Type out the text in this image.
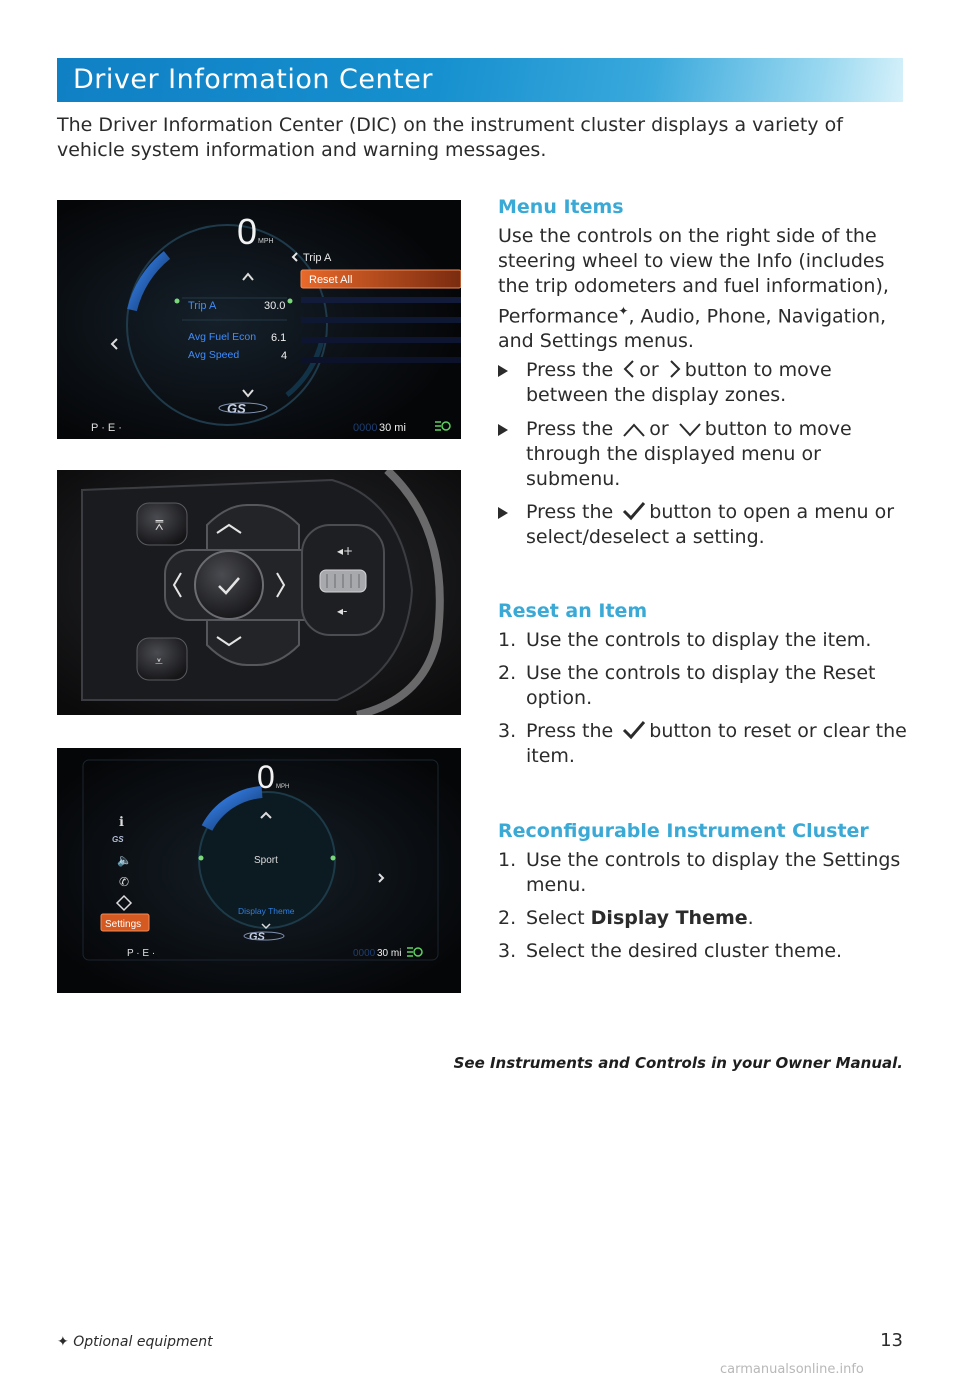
Driver Information Center
The Driver Information Center (DIC) on the instrument cluster displays a variety of vehicle system information and warning messages.
0 MPH
Trip A
Reset All
Trip A	30.0
Avg Fuel Econ 6.1
Avg Speed	4
GS
P · E ·	0000 30 mi
⩞
⩡
◂+
◂-
0 MPH
Sport
Display Theme
GS
ℹ
GS
🔈
✆
Settings
P · E ·	0000 30 mi
Menu Items
Use the controls on the right side of the steering wheel to view the Info (includes the trip odometers and fuel information), Performance✦, Audio, Phone, Navigation, and Settings menus.
Press the or button to move between the display zones.
Press the or button to move through the displayed menu or submenu.
Press the button to open a menu or select/deselect a setting.
Reset an Item
1. Use the controls to display the item.
2. Use the controls to display the Reset option.
3. Press the button to reset or clear the item.
Reconfigurable Instrument Cluster
1. Use the controls to display the Settings menu.
2. Select Display Theme.
3. Select the desired cluster theme.
See Instruments and Controls in your Owner Manual.
✦ Optional equipment	13
carmanualsonline.info
